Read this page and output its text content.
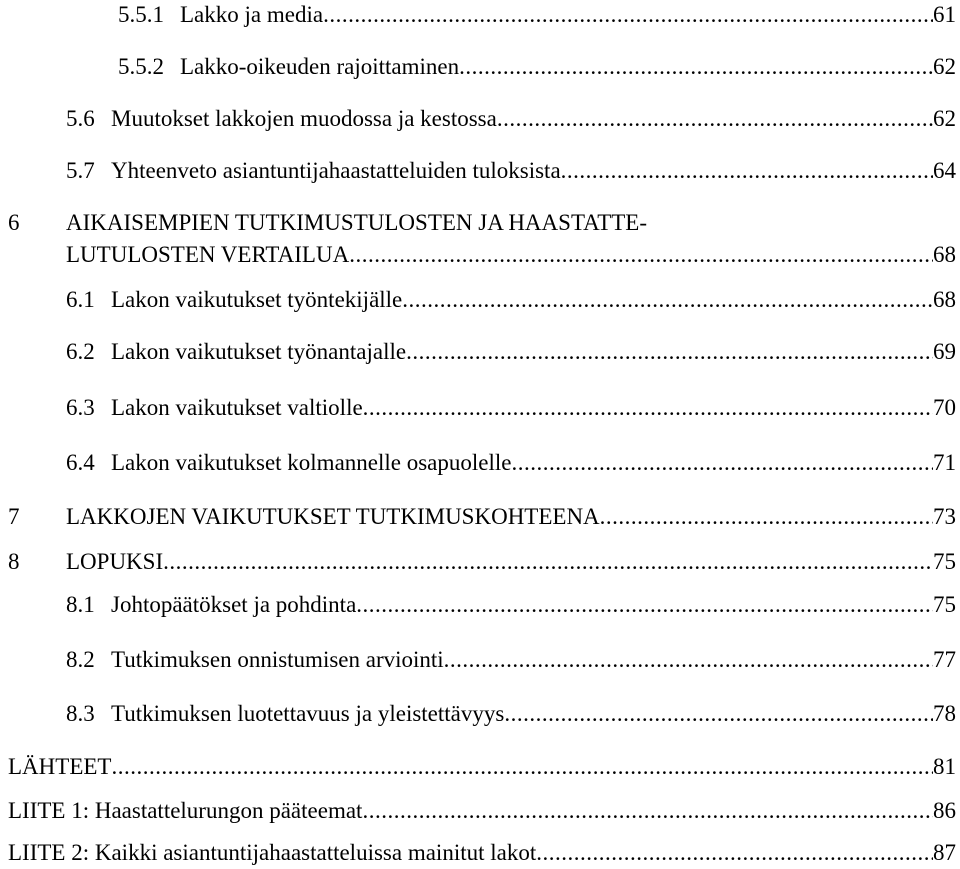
5.5.1 Lakko ja media .....	61
5.5.2 Lakko-oikeuden rajoittaminen .....	62
5.6 Muutokset lakkojen muodossa ja kestossa .....	62
5.7 Yhteenveto asiantuntijahaastatteluiden tuloksista .....	64
6 AIKAISEMPIEN TUTKIMUSTULOSTEN JA HAASTATTE-
LUTULOSTEN VERTAILUA .....	68
6.1 Lakon vaikutukset työntekijälle .....	68
6.2 Lakon vaikutukset työnantajalle .....	69
6.3 Lakon vaikutukset valtiolle .....	70
6.4 Lakon vaikutukset kolmannelle osapuolelle .....	71
7 LAKKOJEN VAIKUTUKSET TUTKIMUSKOHTEENA .....	73
8 LOPUKSI .....	75
8.1 Johtopäätökset ja pohdinta .....	75
8.2 Tutkimuksen onnistumisen arviointi .....	77
8.3 Tutkimuksen luotettavuus ja yleistettävyys .....	78
LÄHTEET .....	81
LIITE 1: Haastattelurungon pääteemat .....	86
LIITE 2: Kaikki asiantuntijahaastatteluissa mainitut lakot .....	87
